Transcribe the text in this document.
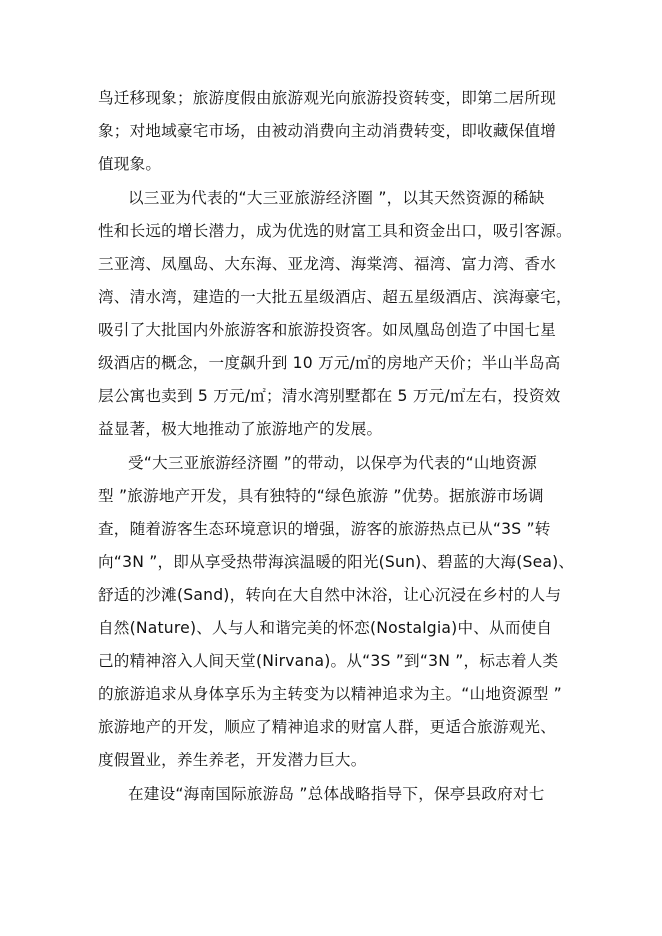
鸟迁移现象；旅游度假由旅游观光向旅游投资转变，即第二居所现
象；对地域豪宅市场，由被动消费向主动消费转变，即收藏保值增
值现象。
以三亚为代表的“大三亚旅游经济圈 ”，以其天然资源的稀缺
性和长远的增长潜力，成为优选的财富工具和资金出口，吸引客源。
三亚湾、凤凰岛、大东海、亚龙湾、海棠湾、福湾、富力湾、香水
湾、清水湾，建造的一大批五星级酒店、超五星级酒店、滨海豪宅，
吸引了大批国内外旅游客和旅游投资客。如凤凰岛创造了中国七星
级酒店的概念，一度飙升到 10 万元/㎡的房地产天价；半山半岛高
层公寓也卖到 5 万元/㎡；清水湾别墅都在 5 万元/㎡左右，投资效
益显著，极大地推动了旅游地产的发展。
受“大三亚旅游经济圈 ”的带动，以保亭为代表的“山地资源
型 ”旅游地产开发，具有独特的“绿色旅游 ”优势。据旅游市场调
查，随着游客生态环境意识的增强，游客的旅游热点已从“3S ”转
向“3N ”，即从享受热带海滨温暖的阳光(Sun)、碧蓝的大海(Sea)、
舒适的沙滩(Sand)，转向在大自然中沐浴，让心沉浸在乡村的人与
自然(Nature)、人与人和谐完美的怀恋(Nostalgia)中、从而使自
己的精神溶入人间天堂(Nirvana)。从“3S ”到“3N ”，标志着人类
的旅游追求从身体享乐为主转变为以精神追求为主。“山地资源型 ”
旅游地产的开发，顺应了精神追求的财富人群，更适合旅游观光、
度假置业，养生养老，开发潜力巨大。
在建设“海南国际旅游岛 ”总体战略指导下，保亭县政府对七
